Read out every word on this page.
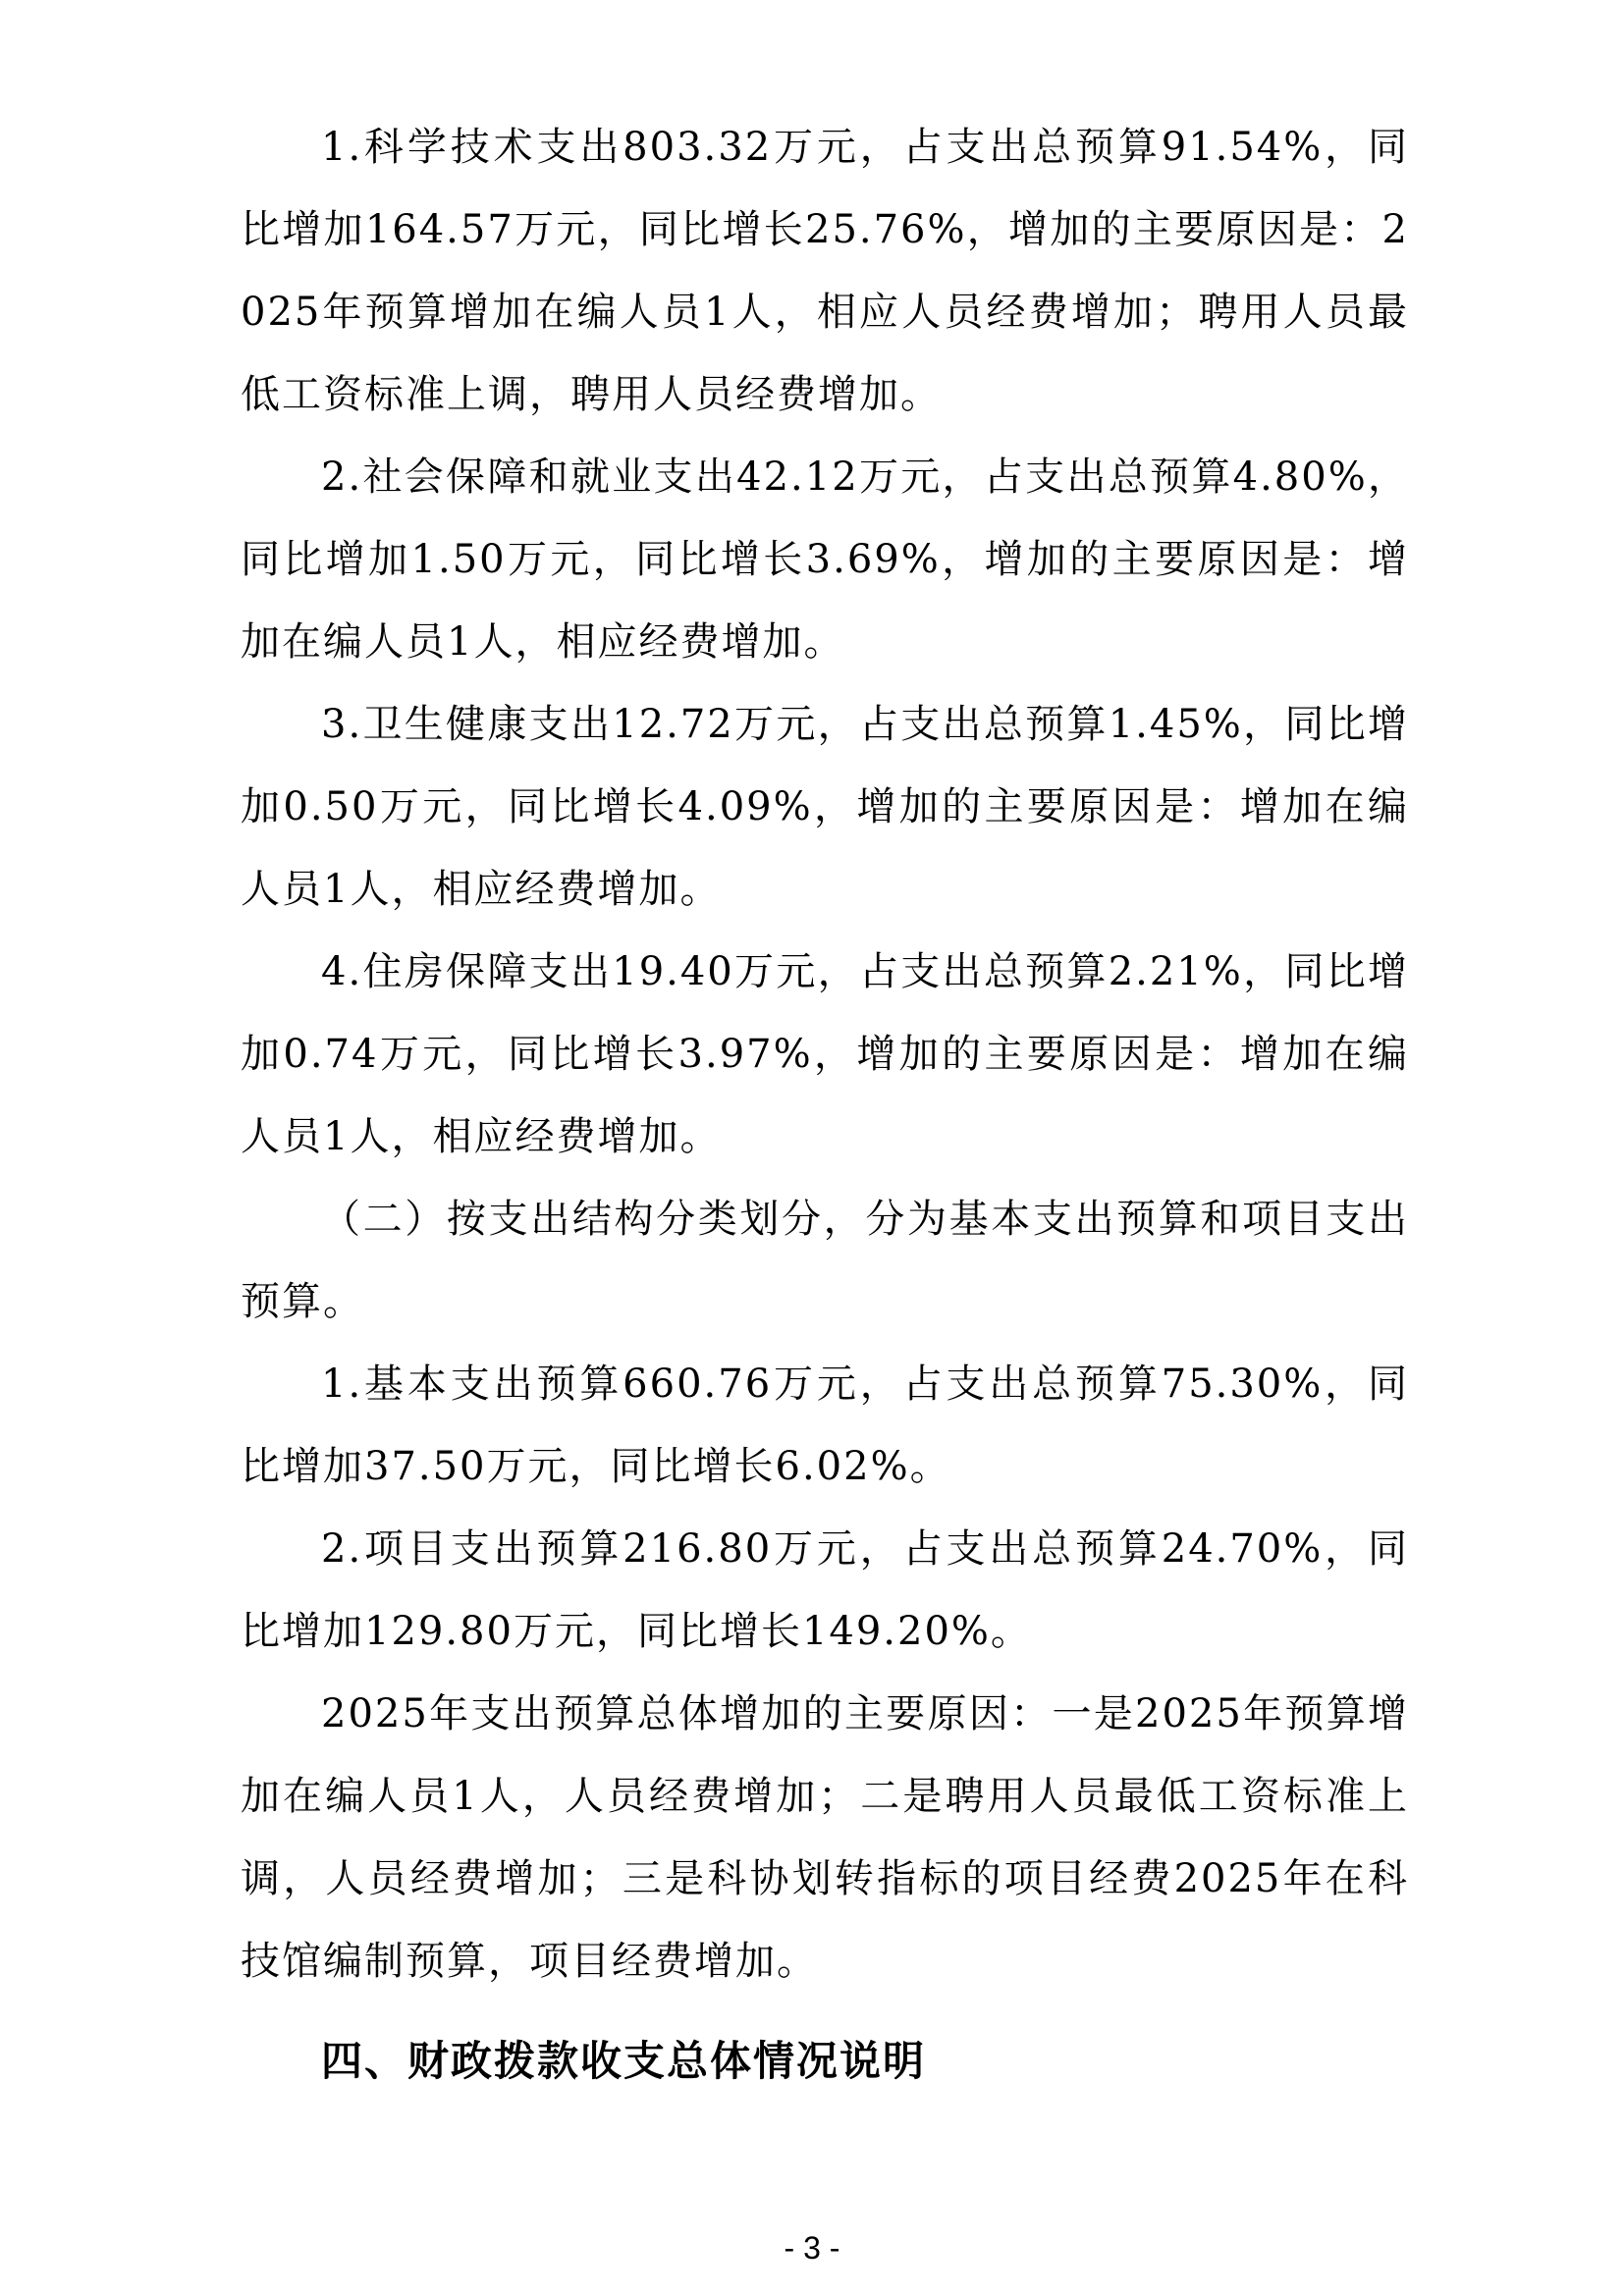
1.科学技术支出803.32万元，占支出总预算91.54%，同比增加164.57万元，同比增长25.76%，增加的主要原因是：2025年预算增加在编人员1人，相应人员经费增加；聘用人员最低工资标准上调，聘用人员经费增加。

2.社会保障和就业支出42.12万元，占支出总预算4.80%，同比增加1.50万元，同比增长3.69%，增加的主要原因是：增加在编人员1人，相应经费增加。

3.卫生健康支出12.72万元，占支出总预算1.45%，同比增加0.50万元，同比增长4.09%，增加的主要原因是：增加在编人员1人，相应经费增加。

4.住房保障支出19.40万元，占支出总预算2.21%，同比增加0.74万元，同比增长3.97%，增加的主要原因是：增加在编人员1人，相应经费增加。

（二）按支出结构分类划分，分为基本支出预算和项目支出预算。

1.基本支出预算660.76万元，占支出总预算75.30%，同比增加37.50万元，同比增长6.02%。

2.项目支出预算216.80万元，占支出总预算24.70%，同比增加129.80万元，同比增长149.20%。

2025年支出预算总体增加的主要原因：一是2025年预算增加在编人员1人，人员经费增加；二是聘用人员最低工资标准上调，人员经费增加；三是科协划转指标的项目经费2025年在科技馆编制预算，项目经费增加。

四、财政拨款收支总体情况说明
- 3 -
